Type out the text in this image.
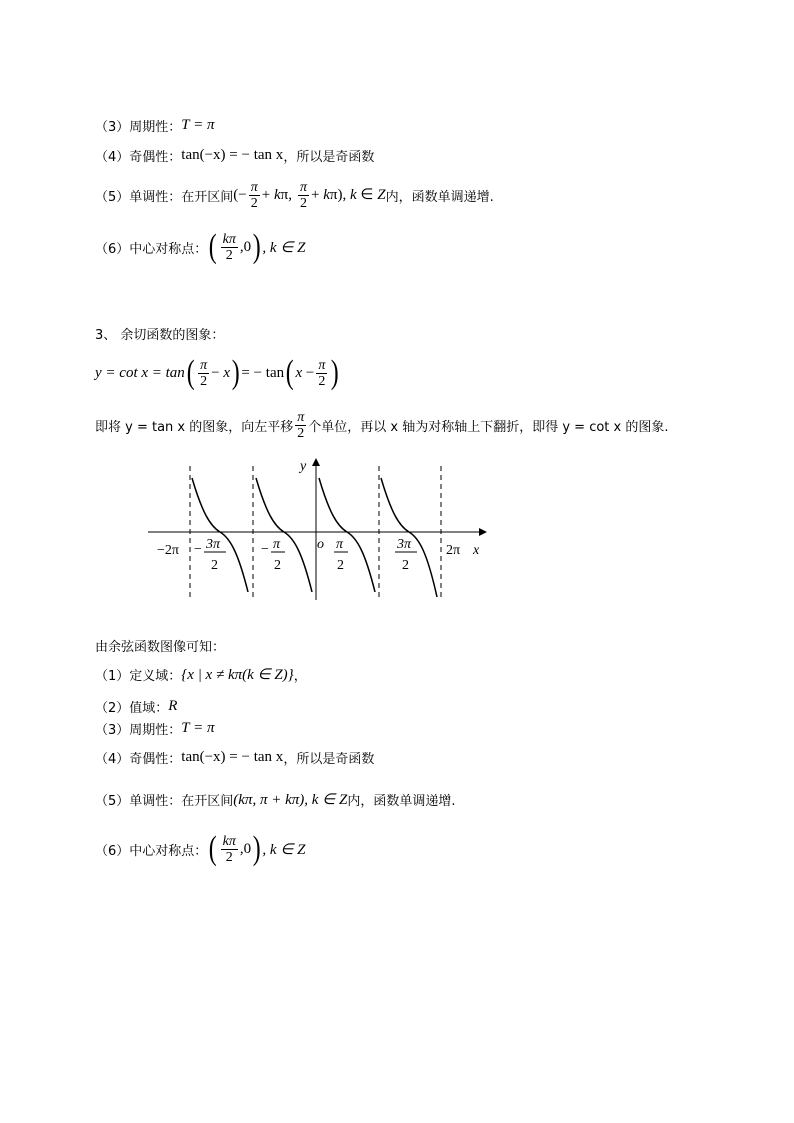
（3）周期性： T = π
（4）奇偶性： tan(−x) = − tan x ，所以是奇函数
（5）单调性：在开区间 (− $\frac{\pi}{2} + k\pi$, $\frac{\pi}{2} + k\pi$), k ∈ Z 内，函数单调递增.
（6）中心对称点： ( $\frac{k\pi}{2}$ , 0 ) , k ∈ Z
3、 余切函数的图象：
y = cot x = tan ( $\frac{\pi}{2} - x$ ) = − tan ( $x - \frac{\pi}{2}$ )
即将 y = tan x 的图象，向左平移 $\frac{\pi}{2}$ 个单位，再以 x 轴为对称轴上下翻折，即得 y = cot x 的图象.
y
x
o
−2π	2π
− 3π
2
− π
2
π
2
3π
2
由余弦函数图像可知：
（1）定义域： {x | x ≠ kπ(k ∈ Z)} ，
（2）值域： R
（3）周期性： T = π
（4）奇偶性： tan(−x) = − tan x ，所以是奇函数
（5）单调性：在开区间 (kπ, π + kπ), k ∈ Z 内，函数单调递增.
（6）中心对称点： ( $\frac{k\pi}{2}$ , 0 ) , k ∈ Z
